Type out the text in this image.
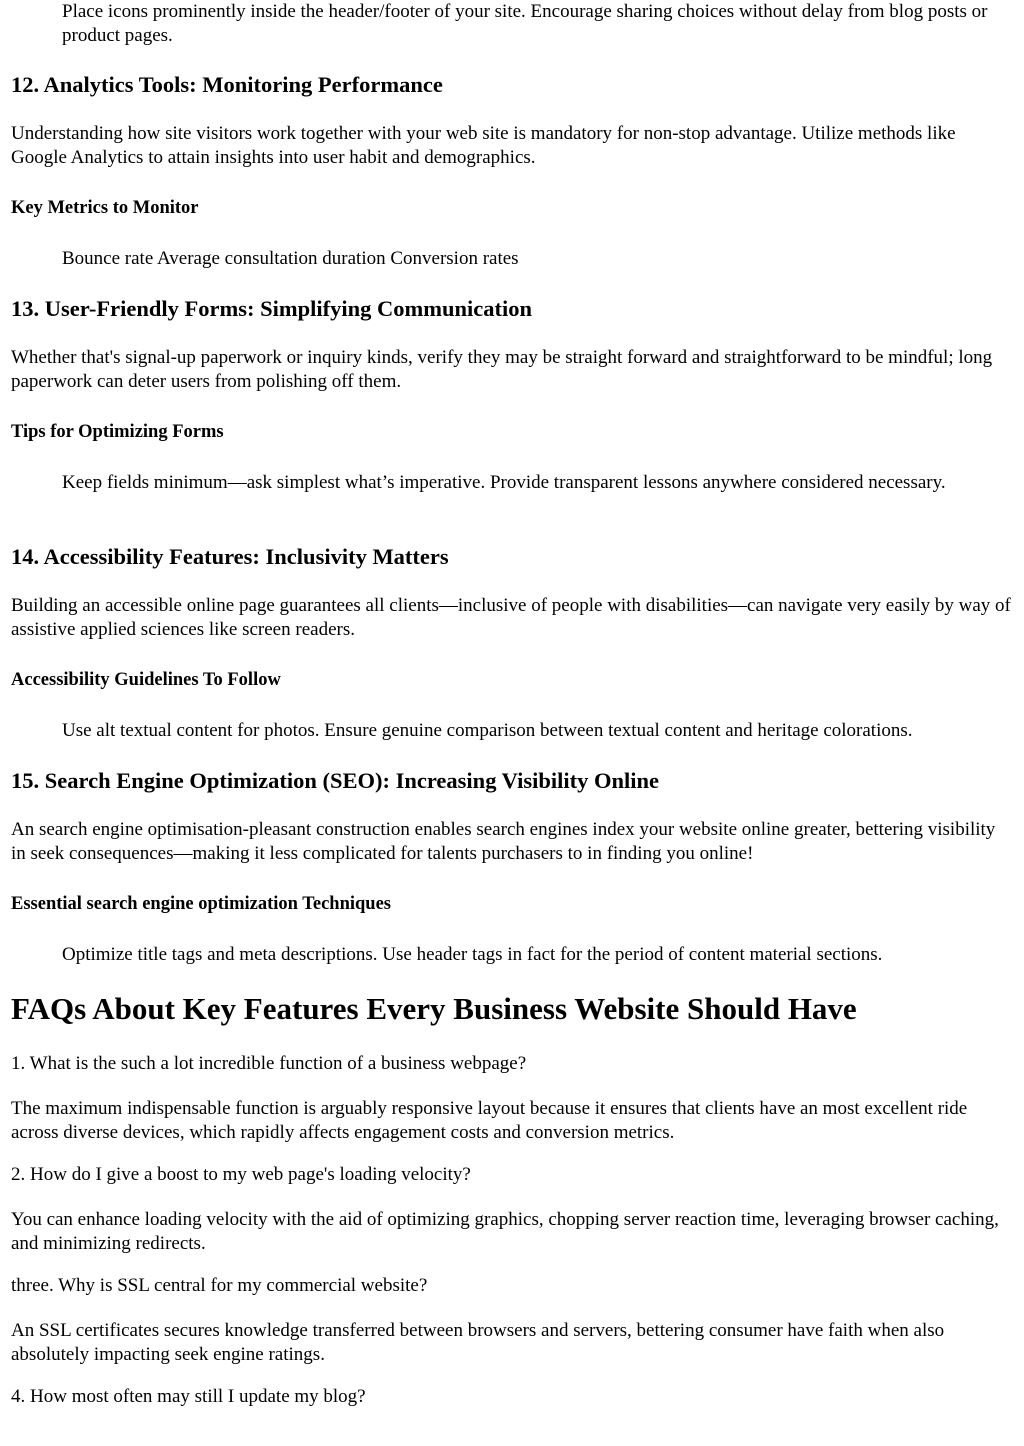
Place icons prominently inside the header/footer of your site. Encourage sharing choices without delay from blog posts or product pages.

12. Analytics Tools: Monitoring Performance

Understanding how site visitors work together with your web site is mandatory for non-stop advantage. Utilize methods like Google Analytics to attain insights into user habit and demographics.

Key Metrics to Monitor

Bounce rate Average consultation duration Conversion rates

13. User-Friendly Forms: Simplifying Communication

Whether that's signal-up paperwork or inquiry kinds, verify they may be straight forward and straightforward to be mindful; long paperwork can deter users from polishing off them.

Tips for Optimizing Forms

Keep fields minimum—ask simplest what’s imperative. Provide transparent lessons anywhere considered necessary.

14. Accessibility Features: Inclusivity Matters

Building an accessible online page guarantees all clients—inclusive of people with disabilities—can navigate very easily by way of assistive applied sciences like screen readers.

Accessibility Guidelines To Follow

Use alt textual content for photos. Ensure genuine comparison between textual content and heritage colorations.

15. Search Engine Optimization (SEO): Increasing Visibility Online

An search engine optimisation-pleasant construction enables search engines index your website online greater, bettering visibility in seek consequences—making it less complicated for talents purchasers to in finding you online!

Essential search engine optimization Techniques

Optimize title tags and meta descriptions. Use header tags in fact for the period of content material sections.

FAQs About Key Features Every Business Website Should Have

1. What is the such a lot incredible function of a business webpage?

The maximum indispensable function is arguably responsive layout because it ensures that clients have an most excellent ride across diverse devices, which rapidly affects engagement costs and conversion metrics.

2. How do I give a boost to my web page's loading velocity?

You can enhance loading velocity with the aid of optimizing graphics, chopping server reaction time, leveraging browser caching, and minimizing redirects.

three. Why is SSL central for my commercial website?

An SSL certificates secures knowledge transferred between browsers and servers, bettering consumer have faith when also absolutely impacting seek engine ratings.

4. How most often may still I update my blog?
